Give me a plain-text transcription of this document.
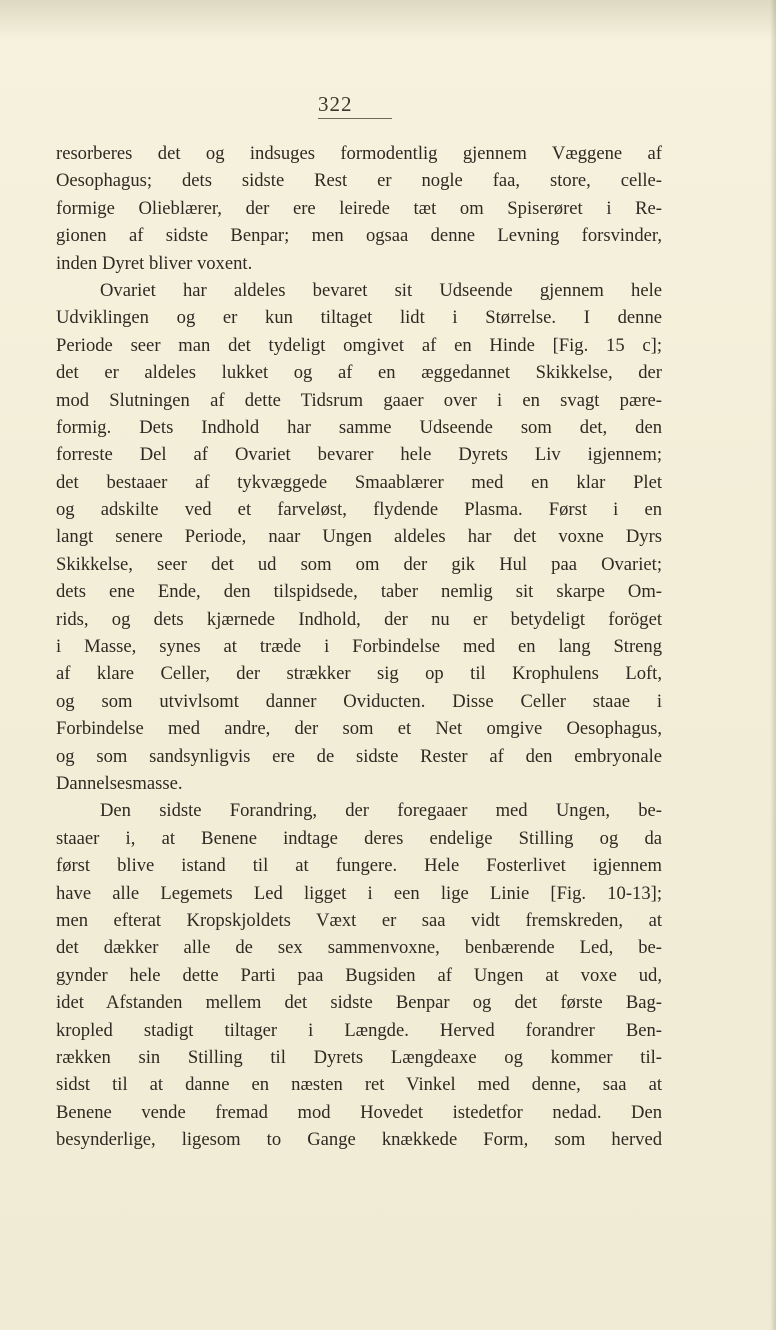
322
resorberes det og indsuges formodentlig gjennem Væggene af
Oesophagus; dets sidste Rest er nogle faa, store, celle-
formige Olieblærer, der ere leirede tæt om Spiserøret i Re-
gionen af sidste Benpar; men ogsaa denne Levning forsvinder,
inden Dyret bliver voxent.
Ovariet har aldeles bevaret sit Udseende gjennem hele
Udviklingen og er kun tiltaget lidt i Størrelse. I denne
Periode seer man det tydeligt omgivet af en Hinde [Fig. 15 c];
det er aldeles lukket og af en æggedannet Skikkelse, der
mod Slutningen af dette Tidsrum gaaer over i en svagt pære-
formig. Dets Indhold har samme Udseende som det, den
forreste Del af Ovariet bevarer hele Dyrets Liv igjennem;
det bestaaer af tykvæggede Smaablærer med en klar Plet
og adskilte ved et farveløst, flydende Plasma. Først i en
langt senere Periode, naar Ungen aldeles har det voxne Dyrs
Skikkelse, seer det ud som om der gik Hul paa Ovariet;
dets ene Ende, den tilspidsede, taber nemlig sit skarpe Om-
rids, og dets kjærnede Indhold, der nu er betydeligt foröget
i Masse, synes at træde i Forbindelse med en lang Streng
af klare Celler, der strækker sig op til Krophulens Loft,
og som utvivlsomt danner Oviducten. Disse Celler staae i
Forbindelse med andre, der som et Net omgive Oesophagus,
og som sandsynligvis ere de sidste Rester af den embryonale
Dannelsesmasse.
Den sidste Forandring, der foregaaer med Ungen, be-
staaer i, at Benene indtage deres endelige Stilling og da
først blive istand til at fungere. Hele Fosterlivet igjennem
have alle Legemets Led ligget i een lige Linie [Fig. 10-13];
men efterat Kropskjoldets Væxt er saa vidt fremskreden, at
det dækker alle de sex sammenvoxne, benbærende Led, be-
gynder hele dette Parti paa Bugsiden af Ungen at voxe ud,
idet Afstanden mellem det sidste Benpar og det første Bag-
kropled stadigt tiltager i Længde. Herved forandrer Ben-
rækken sin Stilling til Dyrets Længdeaxe og kommer til-
sidst til at danne en næsten ret Vinkel med denne, saa at
Benene vende fremad mod Hovedet istedetfor nedad. Den
besynderlige, ligesom to Gange knækkede Form, som herved
